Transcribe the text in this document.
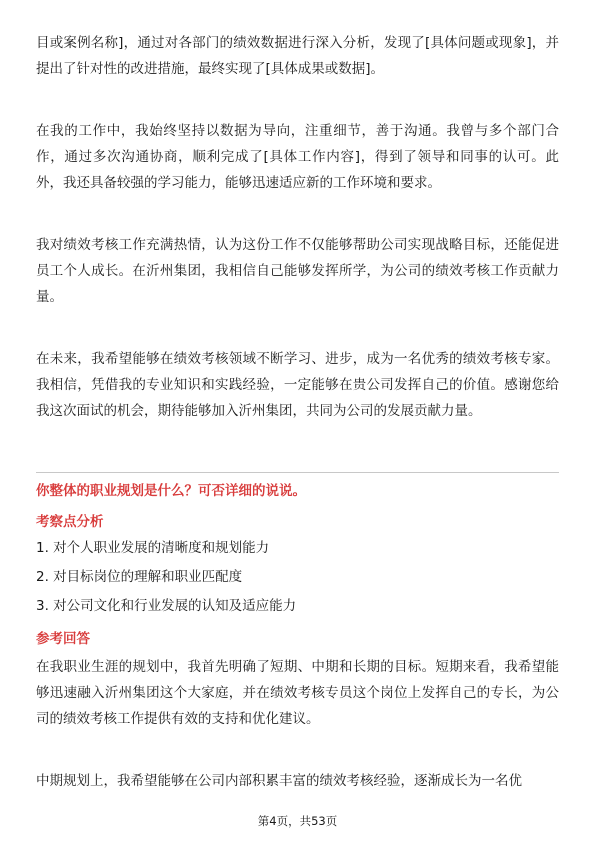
目或案例名称]，通过对各部门的绩效数据进行深入分析，发现了[具体问题或现象]，并提出了针对性的改进措施，最终实现了[具体成果或数据]。

在我的工作中，我始终坚持以数据为导向，注重细节，善于沟通。我曾与多个部门合作，通过多次沟通协商，顺利完成了[具体工作内容]，得到了领导和同事的认可。此外，我还具备较强的学习能力，能够迅速适应新的工作环境和要求。

我对绩效考核工作充满热情，认为这份工作不仅能够帮助公司实现战略目标，还能促进员工个人成长。在沂州集团，我相信自己能够发挥所学，为公司的绩效考核工作贡献力量。

在未来，我希望能够在绩效考核领域不断学习、进步，成为一名优秀的绩效考核专家。我相信，凭借我的专业知识和实践经验，一定能够在贵公司发挥自己的价值。感谢您给我这次面试的机会，期待能够加入沂州集团，共同为公司的发展贡献力量。

你整体的职业规划是什么？可否详细的说说。
考察点分析
1. 对个人职业发展的清晰度和规划能力
2. 对目标岗位的理解和职业匹配度
3. 对公司文化和行业发展的认知及适应能力
参考回答

在我职业生涯的规划中，我首先明确了短期、中期和长期的目标。短期来看，我希望能够迅速融入沂州集团这个大家庭，并在绩效考核专员这个岗位上发挥自己的专长，为公司的绩效考核工作提供有效的支持和优化建议。

中期规划上，我希望能够在公司内部积累丰富的绩效考核经验，逐渐成长为一名优

第4页，共53页
